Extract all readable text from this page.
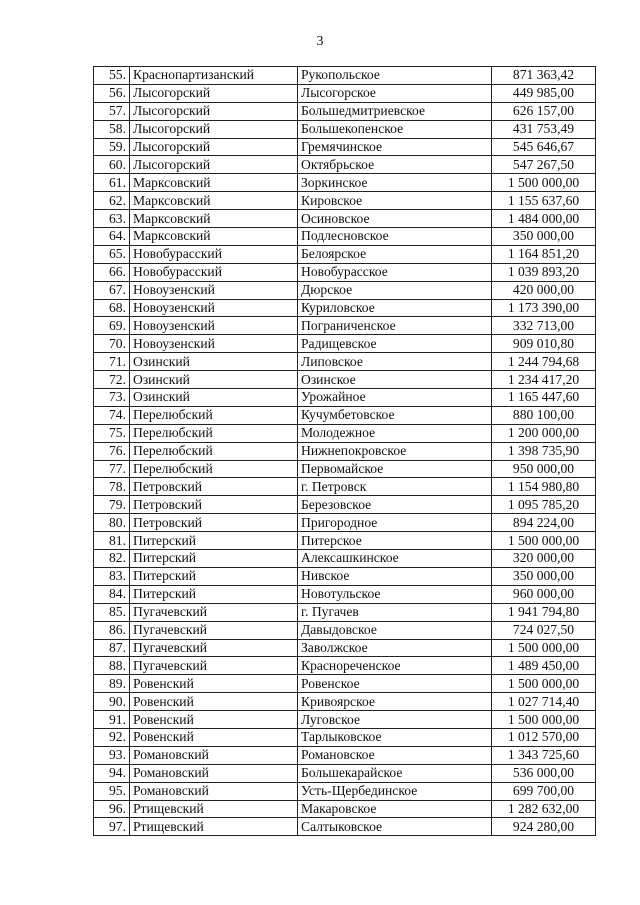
3
55.	Краснопартизанский	Рукопольское	871 363,42
56.	Лысогорский	Лысогорское	449 985,00
57.	Лысогорский	Большедмитриевское	626 157,00
58.	Лысогорский	Большекопенское	431 753,49
59.	Лысогорский	Гремячинское	545 646,67
60.	Лысогорский	Октябрьское	547 267,50
61.	Марксовский	Зоркинское	1 500 000,00
62.	Марксовский	Кировское	1 155 637,60
63.	Марксовский	Осиновское	1 484 000,00
64.	Марксовский	Подлесновское	350 000,00
65.	Новобурасский	Белоярское	1 164 851,20
66.	Новобурасский	Новобурасское	1 039 893,20
67.	Новоузенский	Дюрское	420 000,00
68.	Новоузенский	Куриловское	1 173 390,00
69.	Новоузенский	Пограниченское	332 713,00
70.	Новоузенский	Радищевское	909 010,80
71.	Озинский	Липовское	1 244 794,68
72.	Озинский	Озинское	1 234 417,20
73.	Озинский	Урожайное	1 165 447,60
74.	Перелюбский	Кучумбетовское	880 100,00
75.	Перелюбский	Молодежное	1 200 000,00
76.	Перелюбский	Нижнепокровское	1 398 735,90
77.	Перелюбский	Первомайское	950 000,00
78.	Петровский	г. Петровск	1 154 980,80
79.	Петровский	Березовское	1 095 785,20
80.	Петровский	Пригородное	894 224,00
81.	Питерский	Питерское	1 500 000,00
82.	Питерский	Алексашкинское	320 000,00
83.	Питерский	Нивское	350 000,00
84.	Питерский	Новотульское	960 000,00
85.	Пугачевский	г. Пугачев	1 941 794,80
86.	Пугачевский	Давыдовское	724 027,50
87.	Пугачевский	Заволжское	1 500 000,00
88.	Пугачевский	Краснореченское	1 489 450,00
89.	Ровенский	Ровенское	1 500 000,00
90.	Ровенский	Кривоярское	1 027 714,40
91.	Ровенский	Луговское	1 500 000,00
92.	Ровенский	Тарлыковское	1 012 570,00
93.	Романовский	Романовское	1 343 725,60
94.	Романовский	Большекарайское	536 000,00
95.	Романовский	Усть-Щербединское	699 700,00
96.	Ртищевский	Макаровское	1 282 632,00
97.	Ртищевский	Салтыковское	924 280,00
